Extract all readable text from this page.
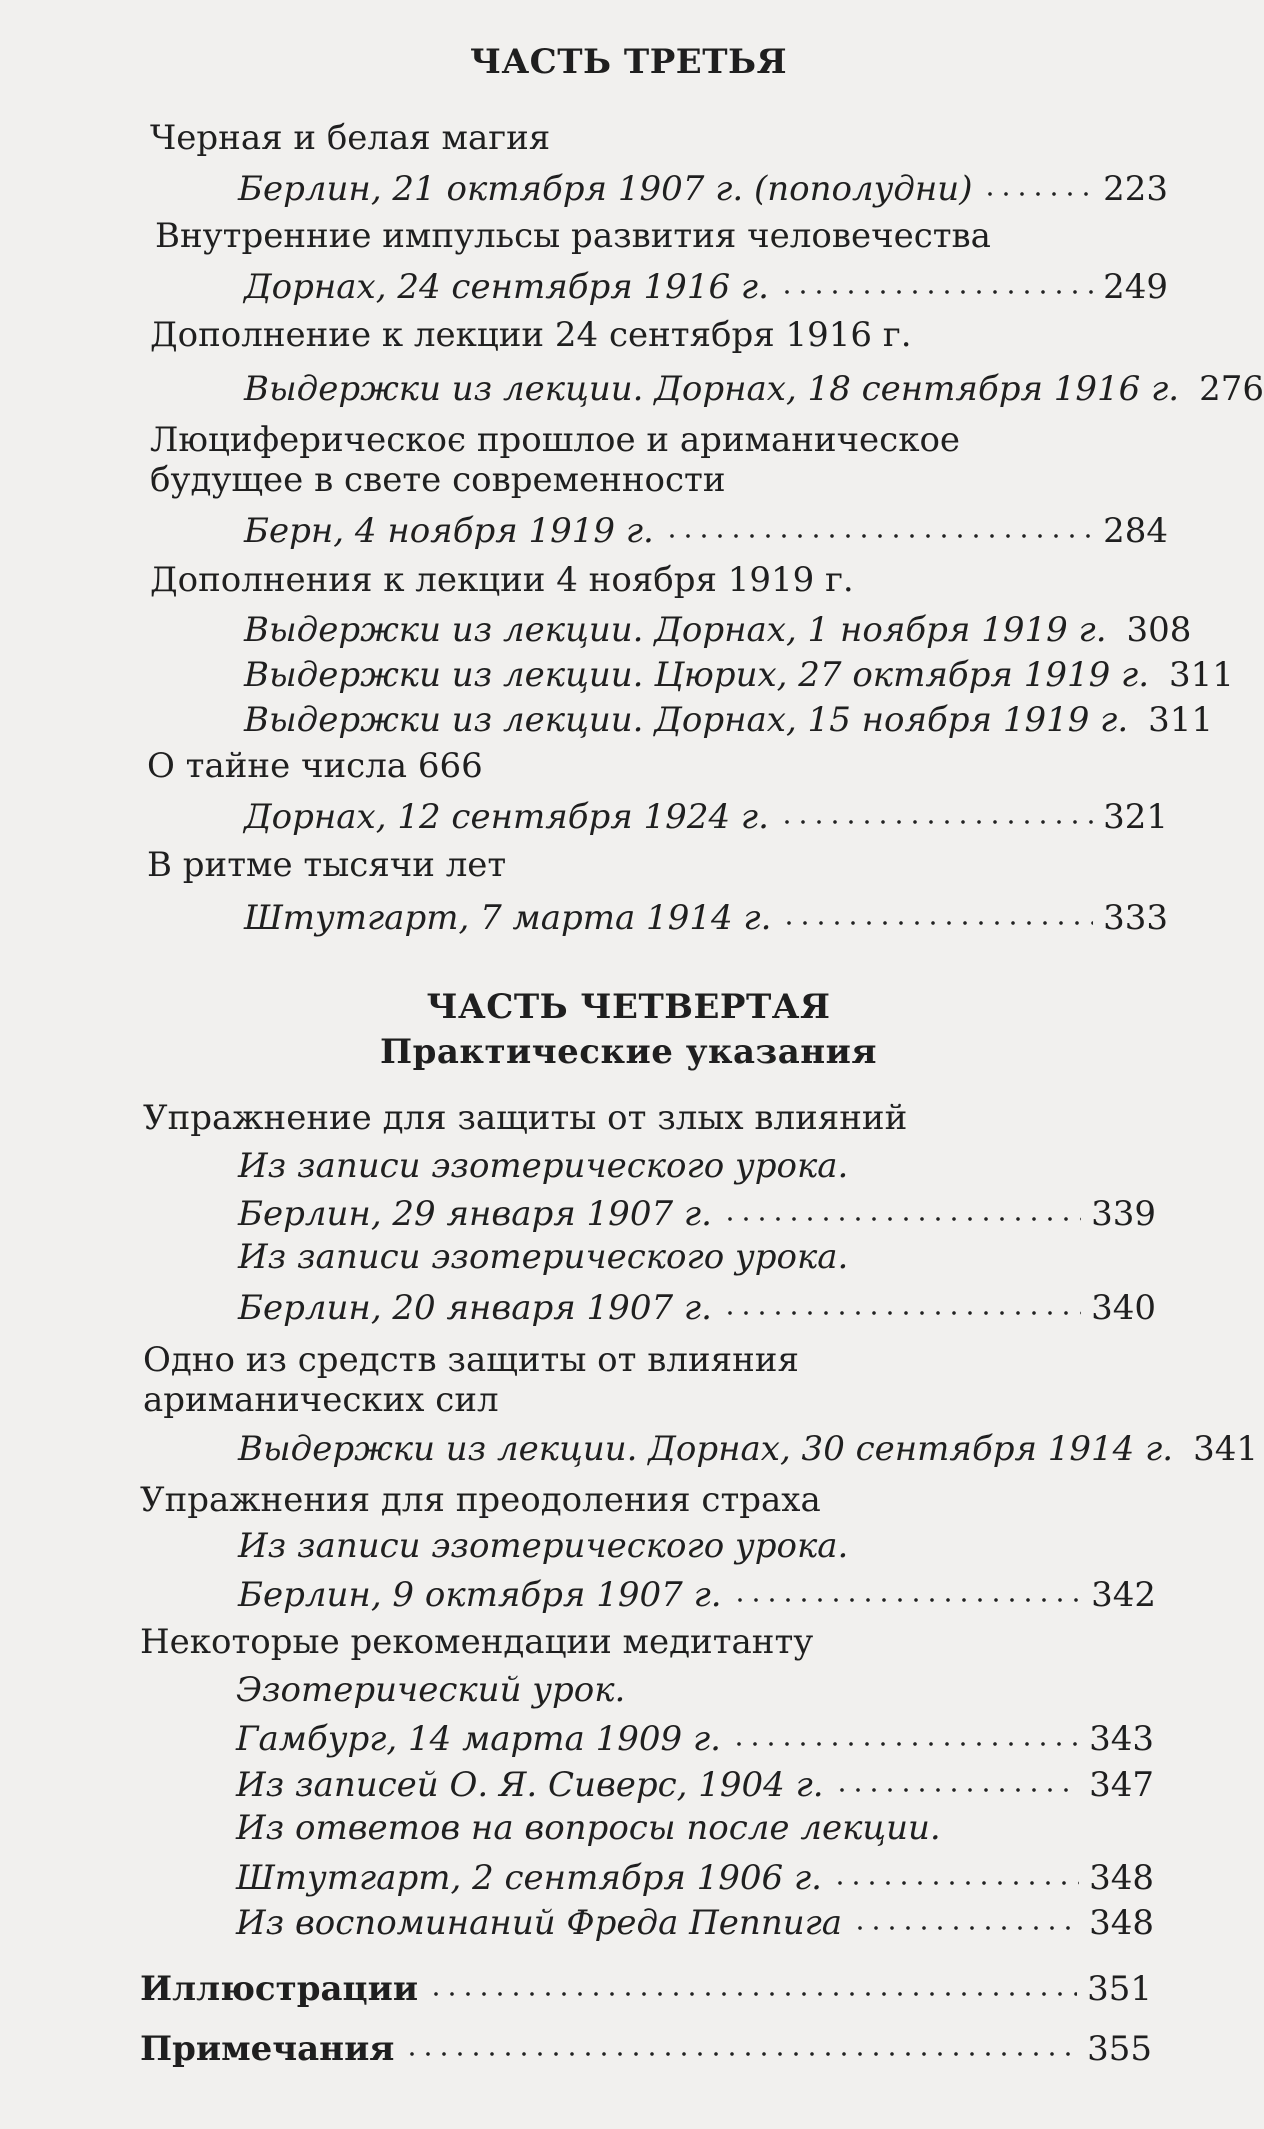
ЧАСТЬ ТРЕТЬЯ
Черная и белая магия
Берлин, 21 октября 1907 г. (пополудни)	223
Внутренние импульсы развития человечества
Дорнах, 24 сентября 1916 г.	249
Дополнение к лекции 24 сентября 1916 г.
Выдержки из лекции. Дорнах, 18 сентября 1916 г. 276
Люциферическоє прошлое и ариманическое
будущее в свете современности
Берн, 4 ноября 1919 г.	284
Дополнения к лекции 4 ноября 1919 г.
Выдержки из лекции. Дорнах, 1 ноября 1919 г. 308
Выдержки из лекции. Цюрих, 27 октября 1919 г. 311
Выдержки из лекции. Дорнах, 15 ноября 1919 г. 311
О тайне числа 666
Дорнах, 12 сентября 1924 г.	321
В ритме тысячи лет
Штутгарт, 7 марта 1914 г.	333
ЧАСТЬ ЧЕТВЕРТАЯ
Практические указания
Упражнение для защиты от злых влияний
Из записи эзотерического урока.
Берлин, 29 января 1907 г.	339
Из записи эзотерического урока.
Берлин, 20 января 1907 г.	340
Одно из средств защиты от влияния
ариманических сил
Выдержки из лекции. Дорнах, 30 сентября 1914 г. 341
Упражнения для преодоления страха
Из записи эзотерического урока.
Берлин, 9 октября 1907 г.	342
Некоторые рекомендации медитанту
Эзотерический урок.
Гамбург, 14 марта 1909 г.	343
Из записей О. Я. Сиверс, 1904 г.	347
Из ответов на вопросы после лекции.
Штутгарт, 2 сентября 1906 г.	348
Из воспоминаний Фреда Пеппига	348
Иллюстрации	351
Примечания	355
